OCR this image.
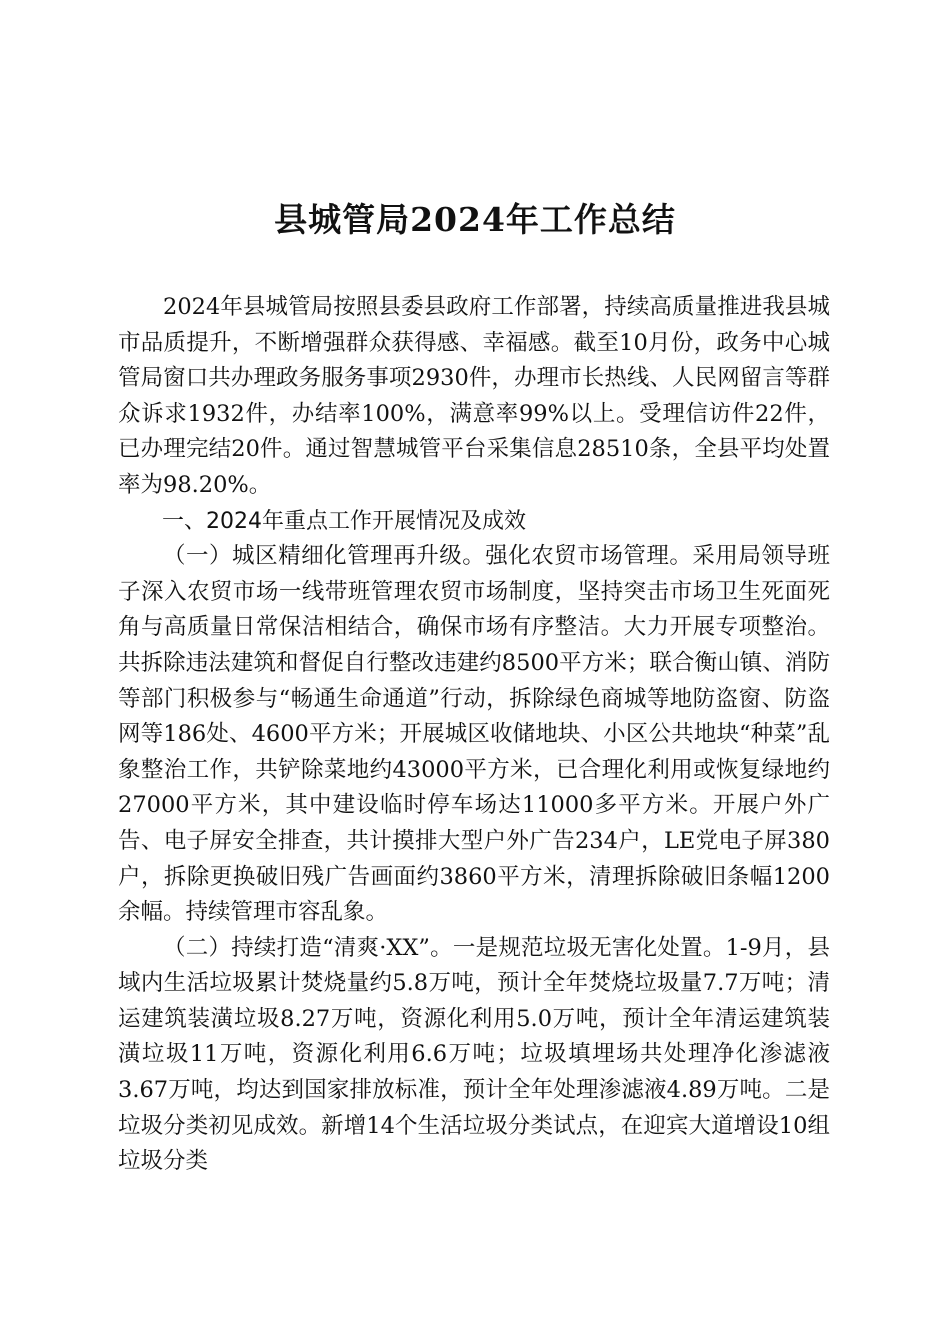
县城管局2024年工作总结

2024年县城管局按照县委县政府工作部署，持续高质量推进我县城市品质提升，不断增强群众获得感、幸福感。截至10月份，政务中心城管局窗口共办理政务服务事项2930件，办理市长热线、人民网留言等群众诉求1932件，办结率100%，满意率99%以上。受理信访件22件，已办理完结20件。通过智慧城管平台采集信息28510条，全县平均处置率为98.20%。

一、2024年重点工作开展情况及成效

（一）城区精细化管理再升级。强化农贸市场管理。采用局领导班子深入农贸市场一线带班管理农贸市场制度，坚持突击市场卫生死面死角与高质量日常保洁相结合，确保市场有序整洁。大力开展专项整治。共拆除违法建筑和督促自行整改违建约8500平方米；联合衡山镇、消防等部门积极参与“畅通生命通道”行动，拆除绿色商城等地防盗窗、防盗网等186处、4600平方米；开展城区收储地块、小区公共地块“种菜”乱象整治工作，共铲除菜地约43000平方米，已合理化利用或恢复绿地约27000平方米，其中建设临时停车场达11000多平方米。开展户外广告、电子屏安全排查，共计摸排大型户外广告234户，LE党电子屏380户，拆除更换破旧残广告画面约3860平方米，清理拆除破旧条幅1200余幅。持续管理市容乱象。

（二）持续打造“清爽·XX”。一是规范垃圾无害化处置。1-9月，县域内生活垃圾累计焚烧量约5.8万吨，预计全年焚烧垃圾量7.7万吨；清运建筑装潢垃圾8.27万吨，资源化利用5.0万吨，预计全年清运建筑装潢垃圾11万吨，资源化利用6.6万吨；垃圾填埋场共处理净化渗滤液3.67万吨，均达到国家排放标准，预计全年处理渗滤液4.89万吨。二是垃圾分类初见成效。新增14个生活垃圾分类试点，在迎宾大道增设10组垃圾分类
